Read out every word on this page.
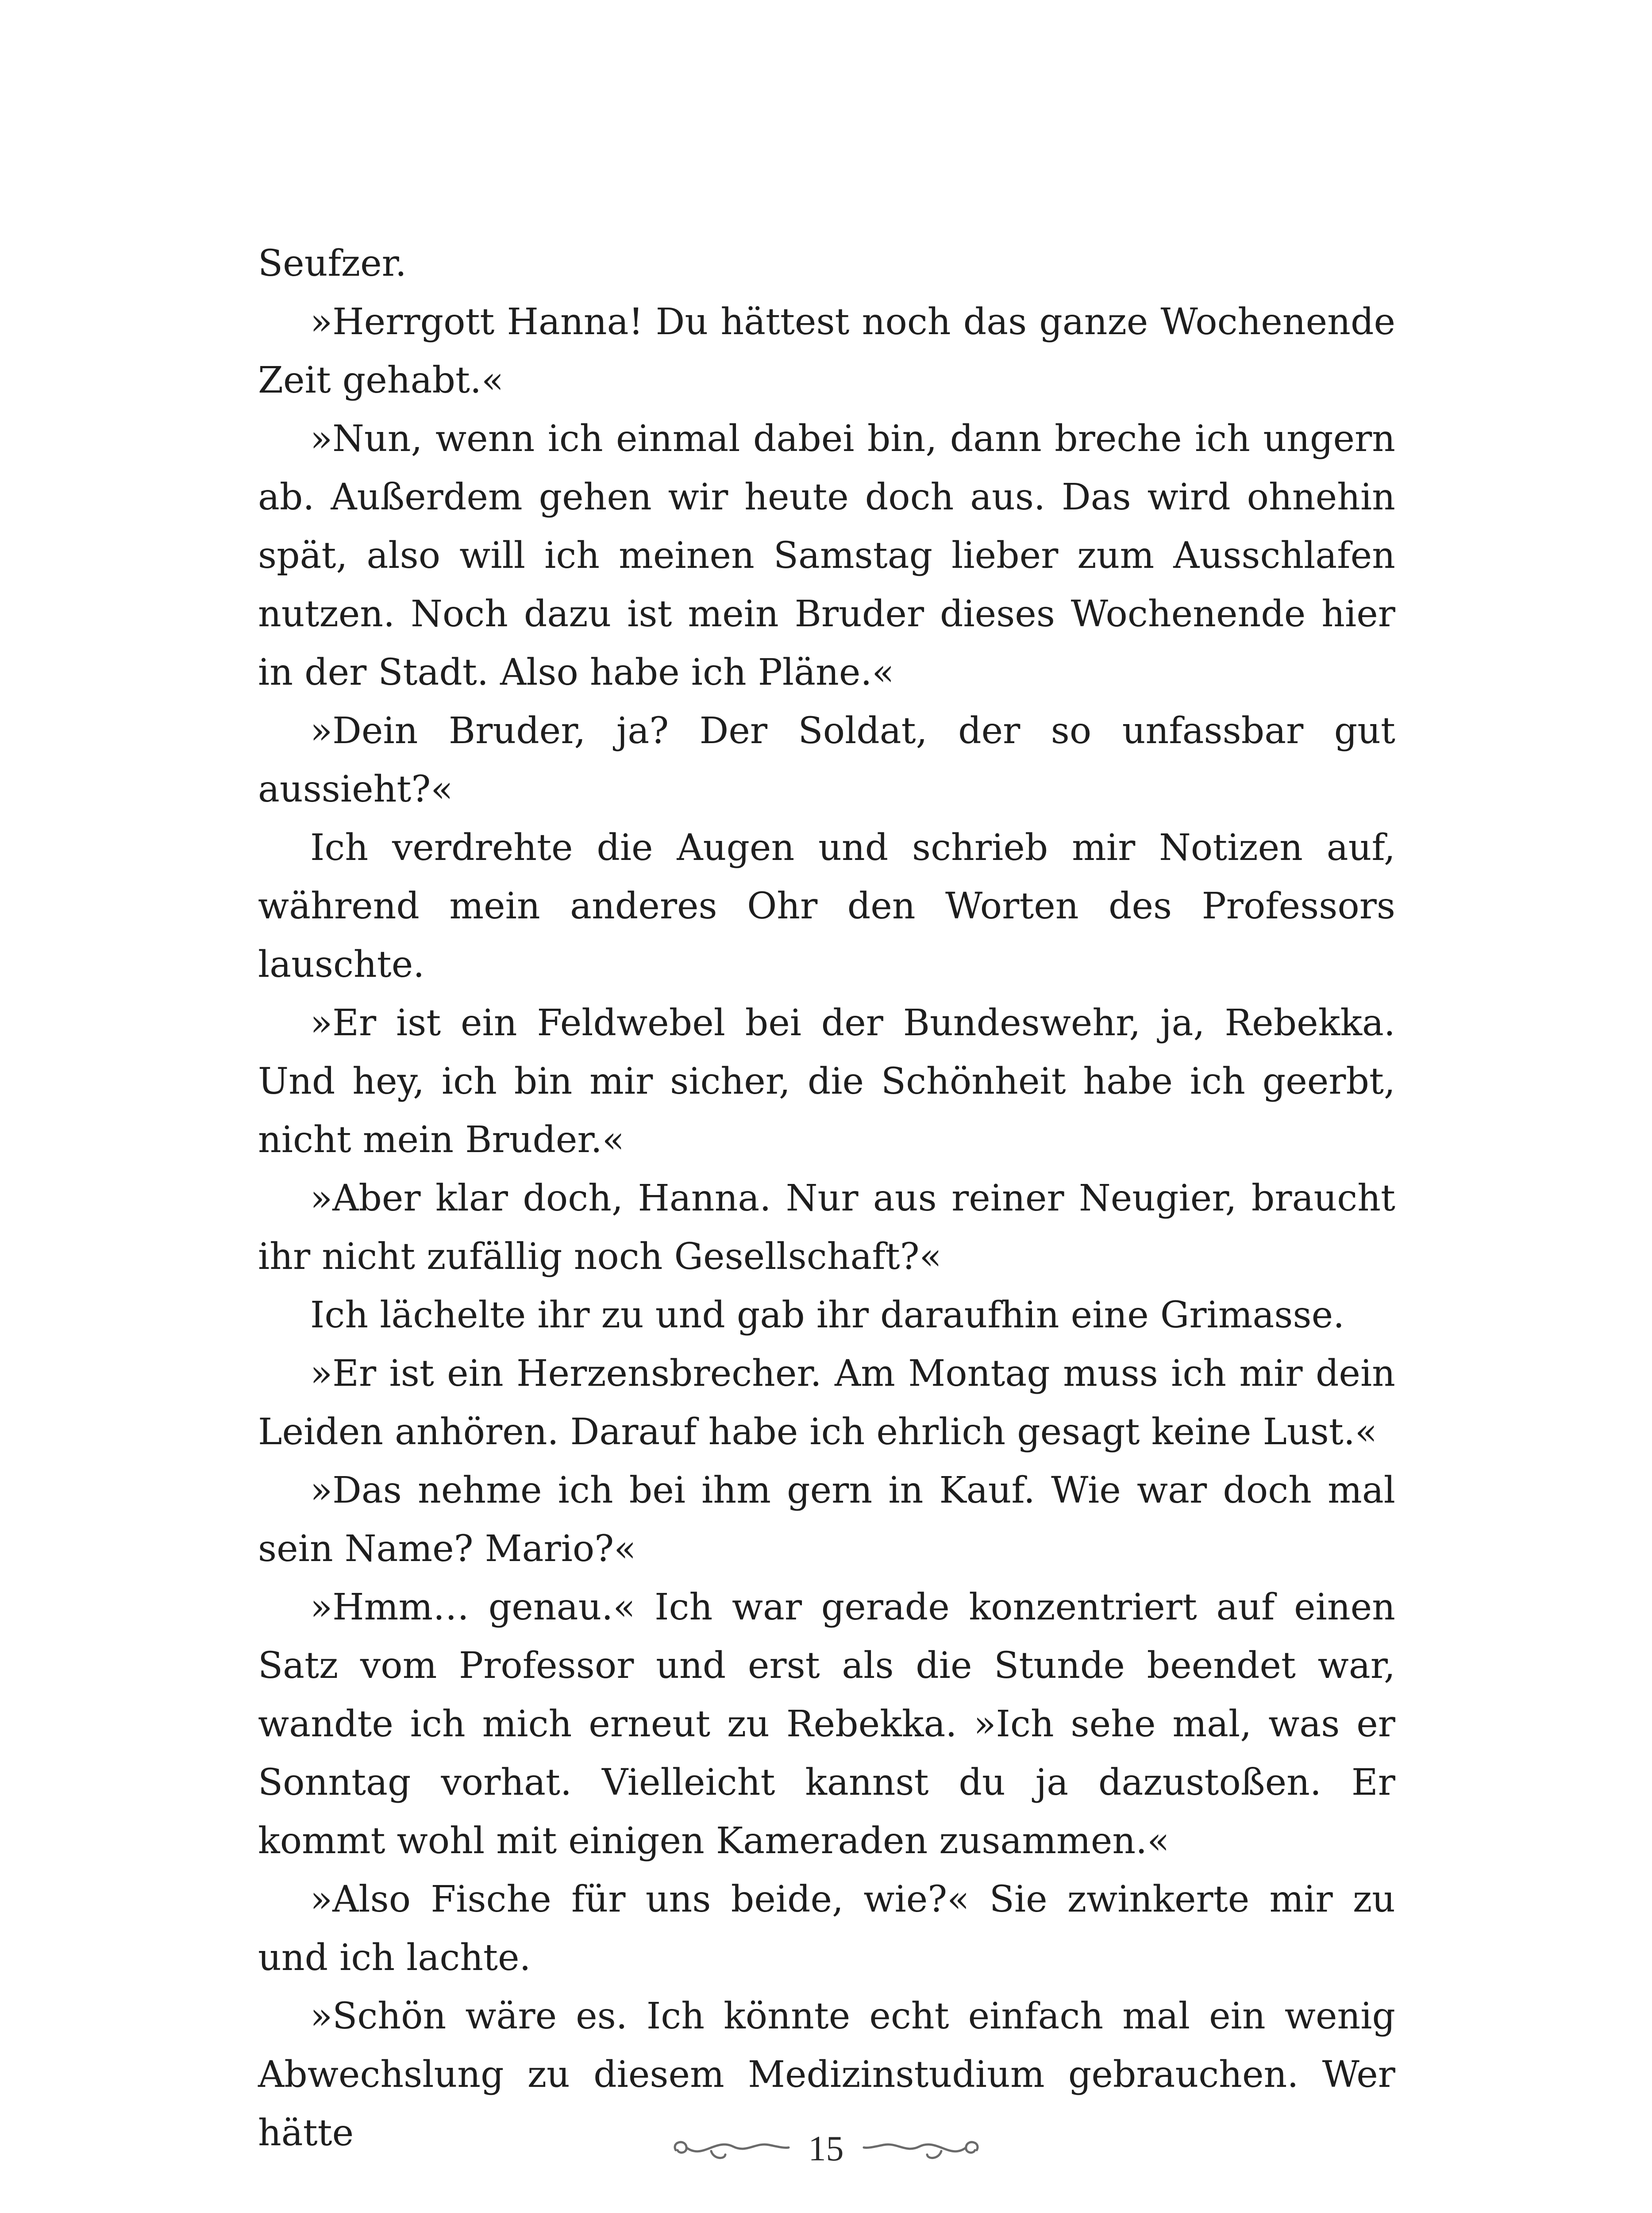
Seufzer.

»Herrgott Hanna! Du hättest noch das ganze Wochenende Zeit gehabt.«

»Nun, wenn ich einmal dabei bin, dann breche ich ungern ab. Außerdem gehen wir heute doch aus. Das wird ohnehin spät, also will ich meinen Samstag lieber zum Ausschlafen nutzen. Noch dazu ist mein Bruder dieses Wochenende hier in der Stadt. Also habe ich Pläne.«

»Dein Bruder, ja? Der Soldat, der so unfassbar gut aussieht?«

Ich verdrehte die Augen und schrieb mir Notizen auf, während mein anderes Ohr den Worten des Professors lauschte.

»Er ist ein Feldwebel bei der Bundeswehr, ja, Rebekka. Und hey, ich bin mir sicher, die Schönheit habe ich geerbt, nicht mein Bruder.«

»Aber klar doch, Hanna. Nur aus reiner Neugier, braucht ihr nicht zufällig noch Gesellschaft?«

Ich lächelte ihr zu und gab ihr daraufhin eine Grimasse.

»Er ist ein Herzensbrecher. Am Montag muss ich mir dein Leiden anhören. Darauf habe ich ehrlich gesagt keine Lust.«

»Das nehme ich bei ihm gern in Kauf. Wie war doch mal sein Name? Mario?«

»Hmm… genau.« Ich war gerade konzentriert auf einen Satz vom Professor und erst als die Stunde beendet war, wandte ich mich erneut zu Rebekka. »Ich sehe mal, was er Sonntag vorhat. Vielleicht kannst du ja dazustoßen. Er kommt wohl mit einigen Kameraden zusammen.«

»Also Fische für uns beide, wie?« Sie zwinkerte mir zu und ich lachte.

»Schön wäre es. Ich könnte echt einfach mal ein wenig Abwechslung zu diesem Medizinstudium gebrauchen. Wer hätte	15
